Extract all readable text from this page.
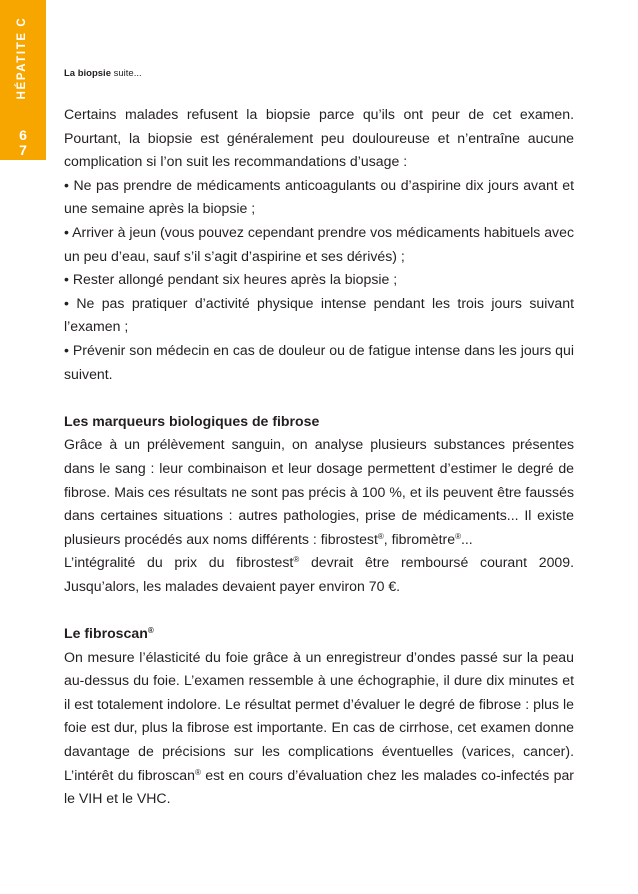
HÉPATITE C
6
7
La biopsie suite...

Certains malades refusent la biopsie parce qu’ils ont peur de cet examen. Pourtant, la biopsie est généralement peu douloureuse et n’entraîne aucune complication si l’on suit les recommandations d’usage :

• Ne pas prendre de médicaments anticoagulants ou d’aspirine dix jours avant et une semaine après la biopsie ;

• Arriver à jeun (vous pouvez cependant prendre vos médicaments habituels avec un peu d’eau, sauf s’il s’agit d’aspirine et ses dérivés) ;

• Rester allongé pendant six heures après la biopsie ;

• Ne pas pratiquer d’activité physique intense pendant les trois jours suivant l’examen ;

• Prévenir son médecin en cas de douleur ou de fatigue intense dans les jours qui suivent.

Les marqueurs biologiques de fibrose

Grâce à un prélèvement sanguin, on analyse plusieurs substances présentes dans le sang : leur combinaison et leur dosage permettent d’estimer le degré de fibrose. Mais ces résultats ne sont pas précis à 100 %, et ils peuvent être faussés dans certaines situations : autres pathologies, prise de médicaments... Il existe plusieurs procédés aux noms différents : fibrostest®, fibromètre®...

L’intégralité du prix du fibrostest® devrait être remboursé courant 2009. Jusqu’alors, les malades devaient payer environ 70 €.

Le fibroscan®

On mesure l’élasticité du foie grâce à un enregistreur d’ondes passé sur la peau au-dessus du foie. L’examen ressemble à une échographie, il dure dix minutes et il est totalement indolore. Le résultat permet d’évaluer le degré de fibrose : plus le foie est dur, plus la fibrose est importante. En cas de cirrhose, cet examen donne davantage de précisions sur les complications éventuelles (varices, cancer). L’intérêt du fibroscan® est en cours d’évaluation chez les malades co-infectés par le VIH et le VHC.
